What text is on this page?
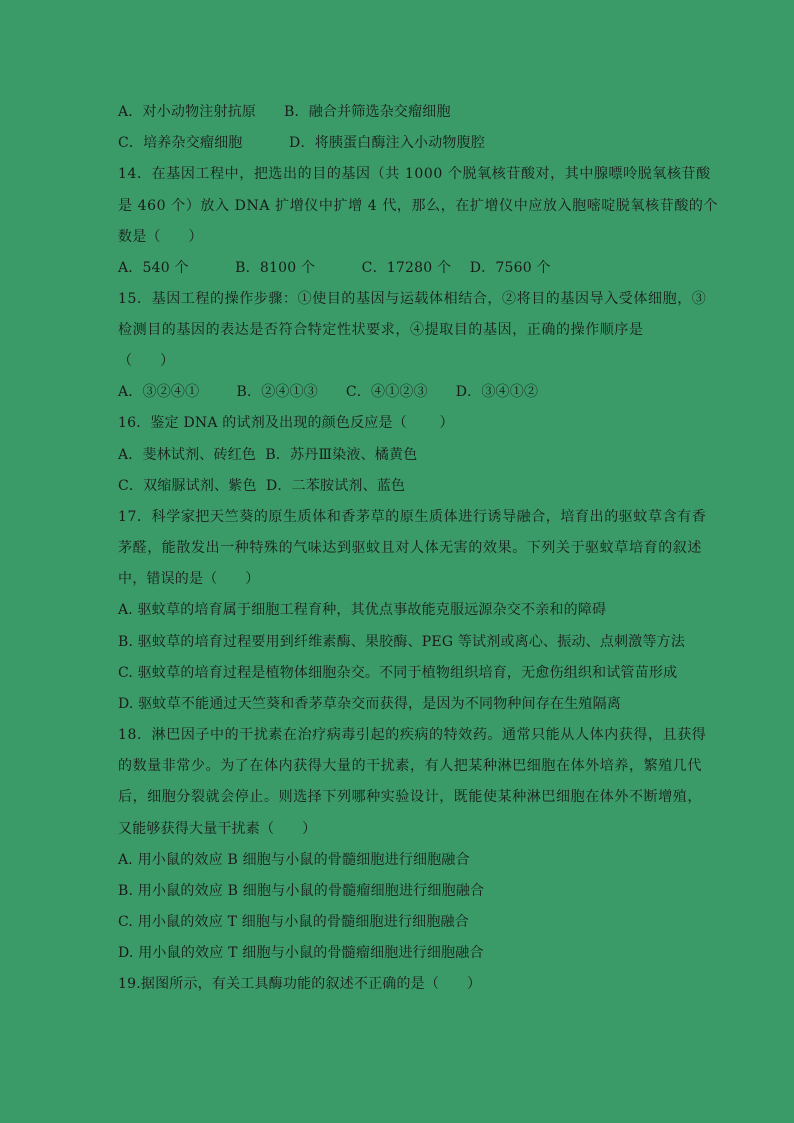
A．对小动物注射抗原      B．融合并筛选杂交瘤细胞
C．培养杂交瘤细胞          D．将胰蛋白酶注入小动物腹腔
14．在基因工程中，把选出的目的基因（共 1000 个脱氧核苷酸对，其中腺嘌呤脱氧核苷酸
是 460 个）放入 DNA 扩增仪中扩增 4 代，那么，在扩增仪中应放入胞嘧啶脱氧核苷酸的个
数是（      ）
A．540 个          B．8100 个          C．17280 个    D．7560 个
15．基因工程的操作步骤：①使目的基因与运载体相结合，②将目的基因导入受体细胞，③
检测目的基因的表达是否符合特定性状要求，④提取目的基因，正确的操作顺序是
（      ）
A．③②④①        B．②④①③      C．④①②③      D．③④①②
16．鉴定 DNA 的试剂及出现的颜色反应是（       ）
A．斐林试剂、砖红色  B．苏丹Ⅲ染液、橘黄色
C．双缩脲试剂、紫色  D．二苯胺试剂、蓝色
17．科学家把天竺葵的原生质体和香茅草的原生质体进行诱导融合，培育出的驱蚊草含有香
茅醛，能散发出一种特殊的气味达到驱蚊且对人体无害的效果。下列关于驱蚊草培育的叙述
中，错误的是（      ）
A. 驱蚊草的培育属于细胞工程育种，其优点事故能克服远源杂交不亲和的障碍
B. 驱蚊草的培育过程要用到纤维素酶、果胶酶、PEG 等试剂或离心、振动、点刺激等方法
C. 驱蚊草的培育过程是植物体细胞杂交。不同于植物组织培育，无愈伤组织和试管苗形成
D. 驱蚊草不能通过天竺葵和香茅草杂交而获得，是因为不同物种间存在生殖隔离
18．淋巴因子中的干扰素在治疗病毒引起的疾病的特效药。通常只能从人体内获得，且获得
的数量非常少。为了在体内获得大量的干扰素，有人把某种淋巴细胞在体外培养，繁殖几代
后，细胞分裂就会停止。则选择下列哪种实验设计，既能使某种淋巴细胞在体外不断增殖，
又能够获得大量干扰素（      ）
A. 用小鼠的效应 B 细胞与小鼠的骨髓细胞进行细胞融合
B. 用小鼠的效应 B 细胞与小鼠的骨髓瘤细胞进行细胞融合
C. 用小鼠的效应 T 细胞与小鼠的骨髓细胞进行细胞融合
D. 用小鼠的效应 T 细胞与小鼠的骨髓瘤细胞进行细胞融合
19.据图所示，有关工具酶功能的叙述不正确的是（      ）
